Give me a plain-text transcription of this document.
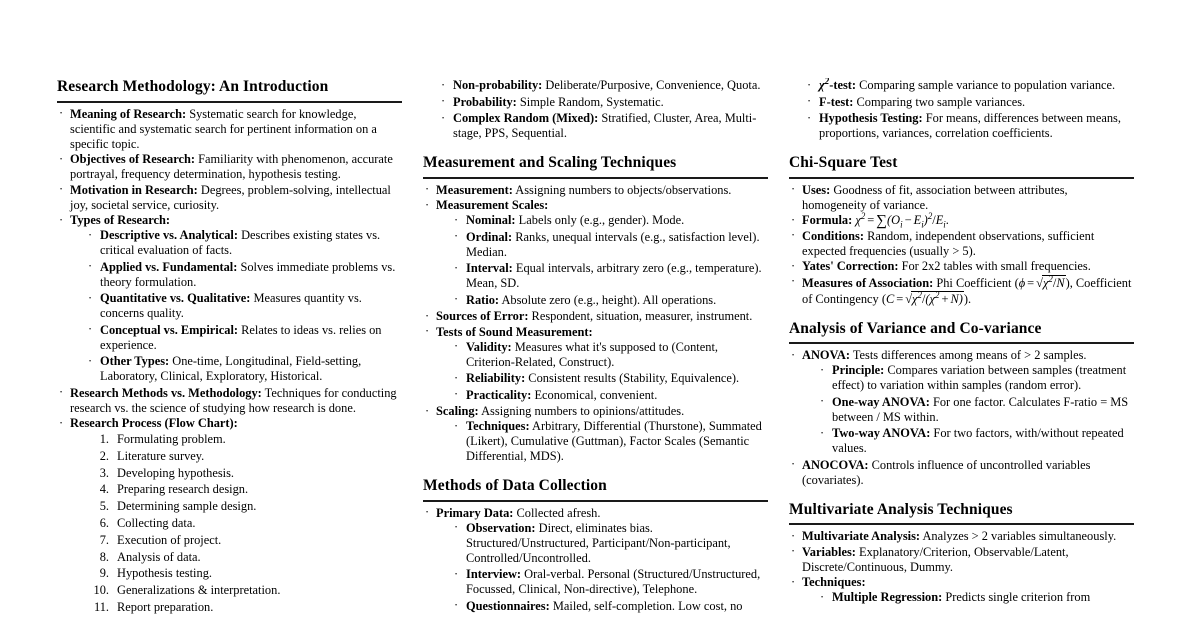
Research Methodology: An Introduction
· Meaning of Research: Systematic search for knowledge, scientific and systematic search for pertinent information on a specific topic.
· Objectives of Research: Familiarity with phenomenon, accurate portrayal, frequency determination, hypothesis testing.
· Motivation in Research: Degrees, problem-solving, intellectual joy, societal service, curiosity.
· Types of Research:
· Descriptive vs. Analytical: Describes existing states vs. critical evaluation of facts.
· Applied vs. Fundamental: Solves immediate problems vs. theory formulation.
· Quantitative vs. Qualitative: Measures quantity vs. concerns quality.
· Conceptual vs. Empirical: Relates to ideas vs. relies on experience.
· Other Types: One-time, Longitudinal, Field-setting, Laboratory, Clinical, Exploratory, Historical.
· Research Methods vs. Methodology: Techniques for conducting research vs. the science of studying how research is done.
· Research Process (Flow Chart):
Formulating problem.
Literature survey.
Developing hypothesis.
Preparing research design.
Determining sample design.
Collecting data.
Execution of project.
Analysis of data.
Hypothesis testing.
Generalizations & interpretation.
Report preparation.
· Non-probability: Deliberate/Purposive, Convenience, Quota.
· Probability: Simple Random, Systematic.
· Complex Random (Mixed): Stratified, Cluster, Area, Multi-stage, PPS, Sequential.
Measurement and Scaling Techniques
· Measurement: Assigning numbers to objects/observations.
· Measurement Scales:
· Nominal: Labels only (e.g., gender). Mode.
· Ordinal: Ranks, unequal intervals (e.g., satisfaction level). Median.
· Interval: Equal intervals, arbitrary zero (e.g., temperature). Mean, SD.
· Ratio: Absolute zero (e.g., height). All operations.
· Sources of Error: Respondent, situation, measurer, instrument.
· Tests of Sound Measurement:
· Validity: Measures what it's supposed to (Content, Criterion-Related, Construct).
· Reliability: Consistent results (Stability, Equivalence).
· Practicality: Economical, convenient.
· Scaling: Assigning numbers to opinions/attitudes.
· Techniques: Arbitrary, Differential (Thurstone), Summated (Likert), Cumulative (Guttman), Factor Scales (Semantic Differential, MDS).
Methods of Data Collection
· Primary Data: Collected afresh.
· Observation: Direct, eliminates bias. Structured/Unstructured, Participant/Non-participant, Controlled/Uncontrolled.
· Interview: Oral-verbal. Personal (Structured/Unstructured, Focussed, Clinical, Non-directive), Telephone.
· Questionnaires: Mailed, self-completion. Low cost, no
· $\chi^2$-test: Comparing sample variance to population variance.
· F-test: Comparing two sample variances.
· Hypothesis Testing: For means, differences between means, proportions, variances, correlation coefficients.
Chi-Square Test
· Uses: Goodness of fit, association between attributes, homogeneity of variance.
· Formula: $\chi^2 = \sum(O_i - E_i)^2/E_i$.
· Conditions: Random, independent observations, sufficient expected frequencies (usually > 5).
· Yates' Correction: For 2x2 tables with small frequencies.
· Measures of Association: Phi Coefficient $(\phi = √\chi^2/N)$, Coefficient of Contingency $(C = √\chi^2/(\chi^2 + N))$.
Analysis of Variance and Co-variance
· ANOVA: Tests differences among means of > 2 samples.
· Principle: Compares variation between samples (treatment effect) to variation within samples (random error).
· One-way ANOVA: For one factor. Calculates F-ratio = MS between / MS within.
· Two-way ANOVA: For two factors, with/without repeated values.
· ANOCOVA: Controls influence of uncontrolled variables (covariates).
Multivariate Analysis Techniques
· Multivariate Analysis: Analyzes > 2 variables simultaneously.
· Variables: Explanatory/Criterion, Observable/Latent, Discrete/Continuous, Dummy.
· Techniques:
· Multiple Regression: Predicts single criterion from
